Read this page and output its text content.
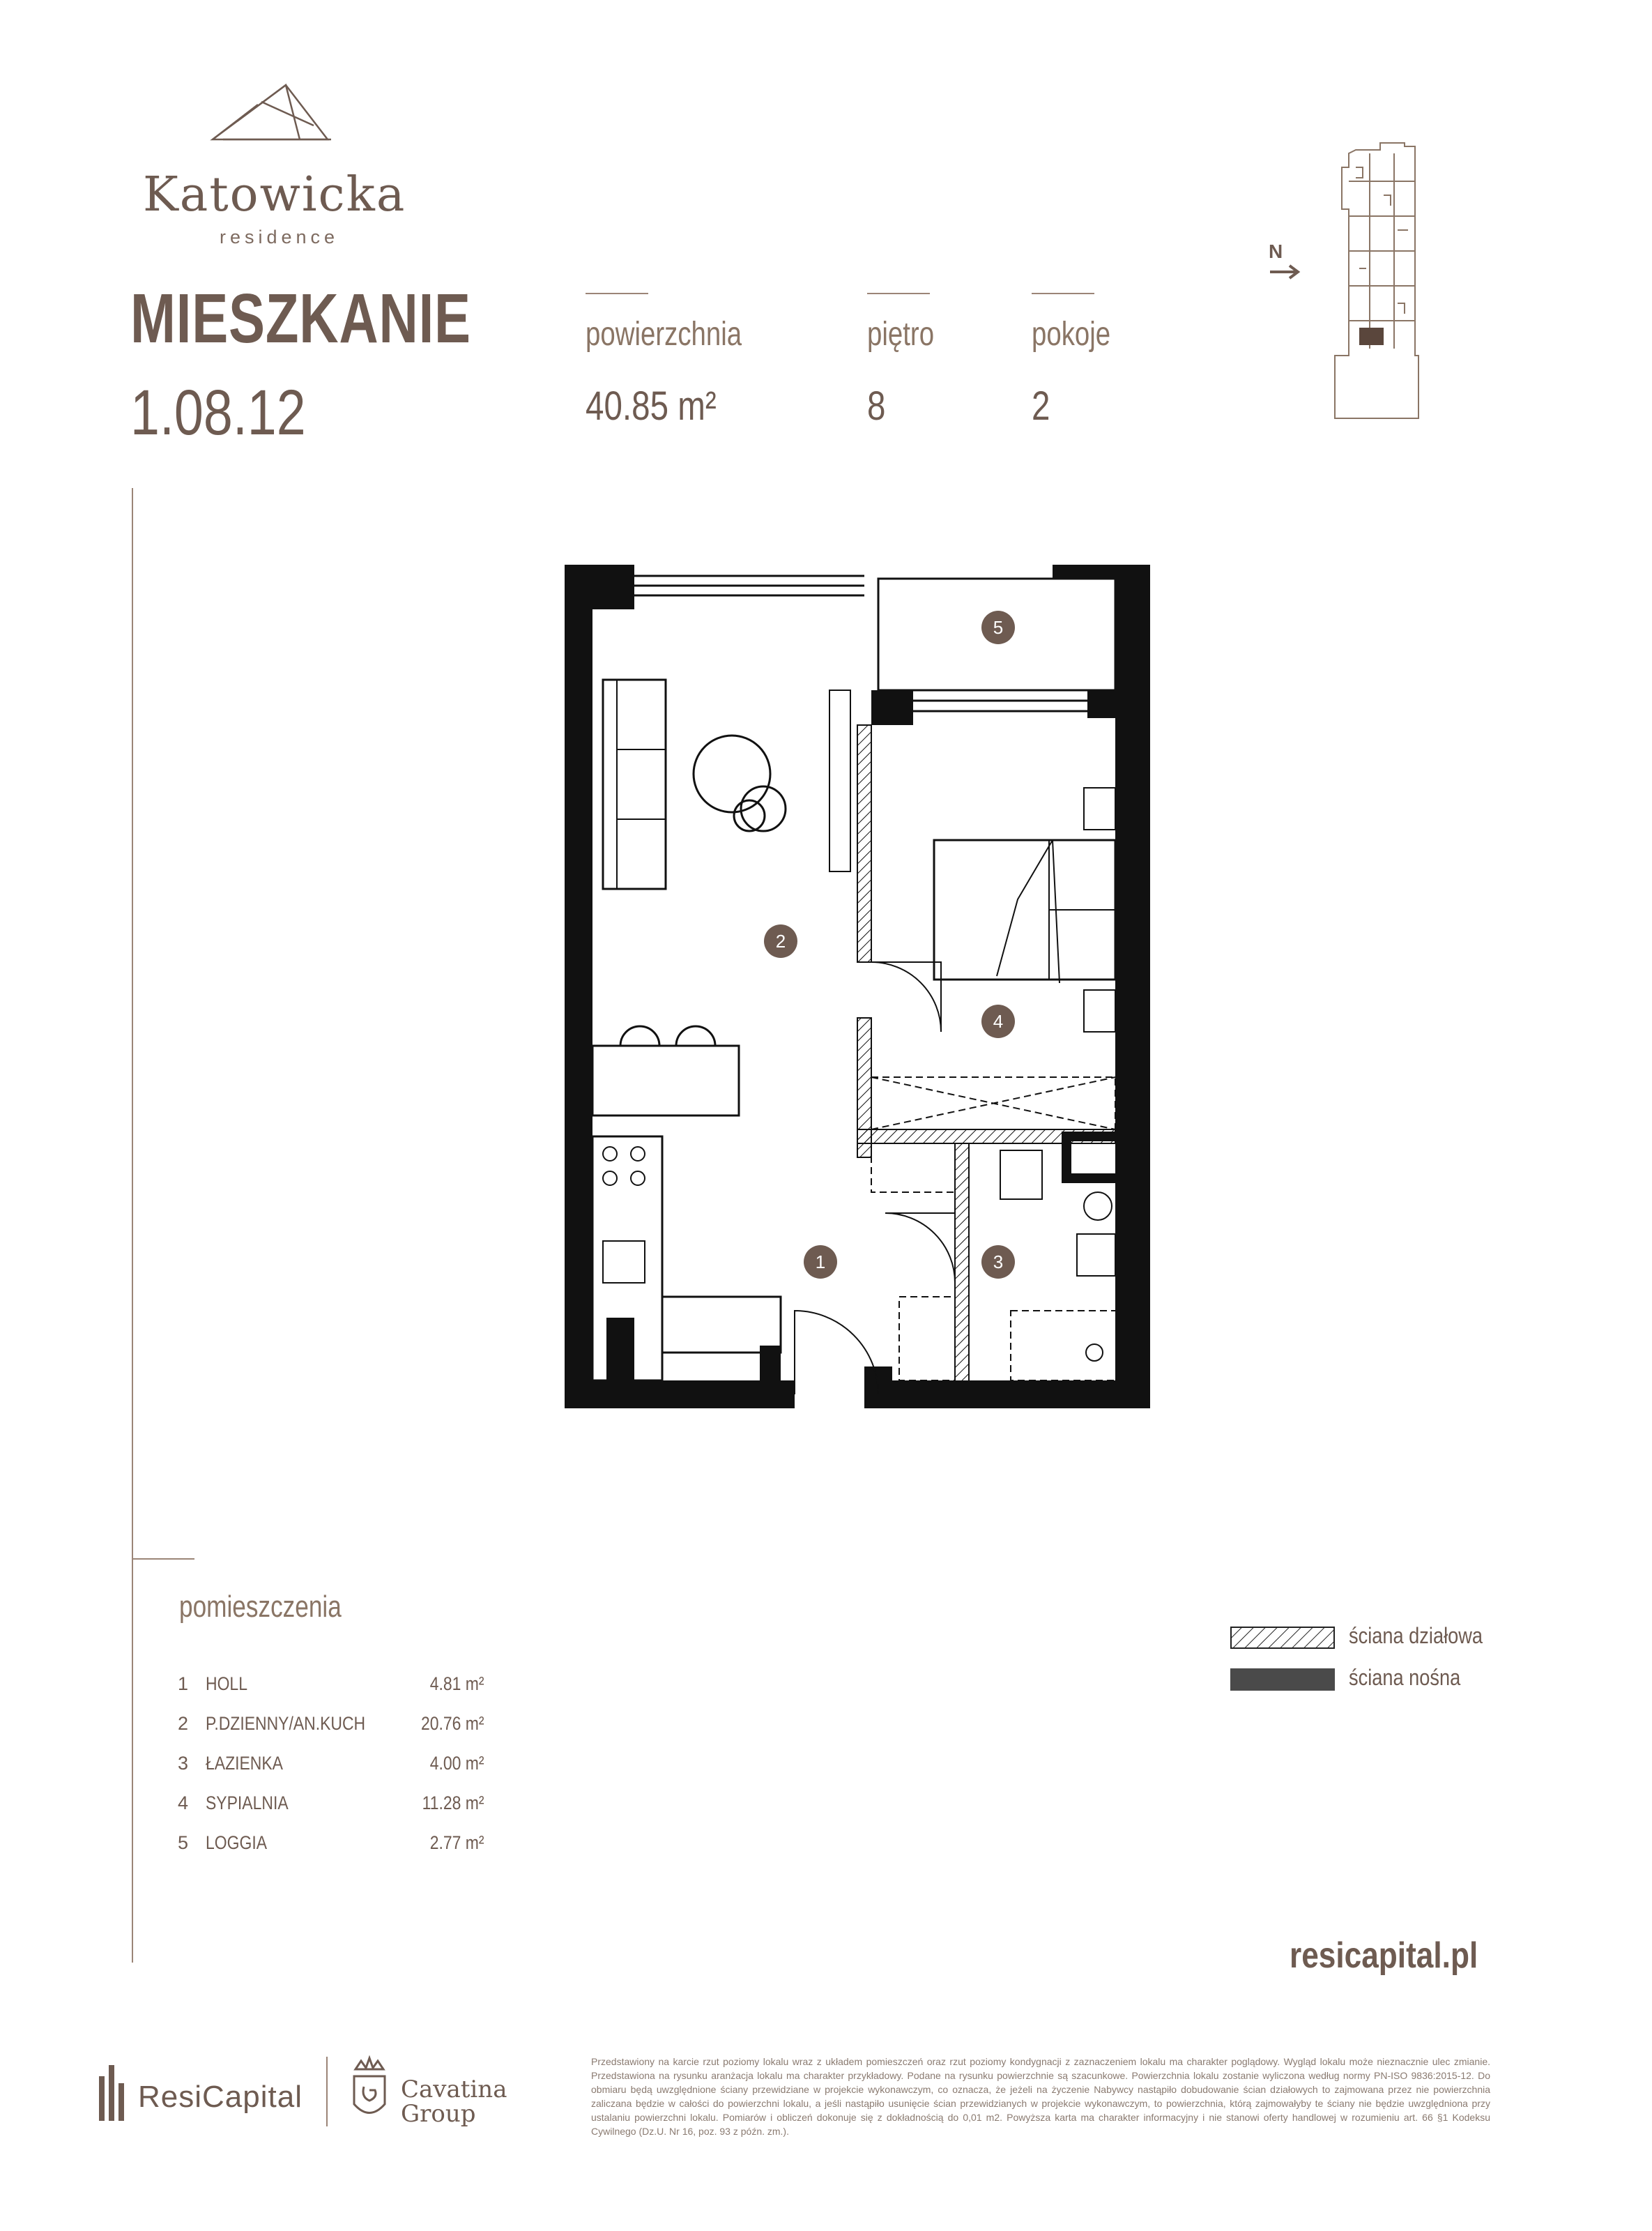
Katowicka
residence
MIESZKANIE
1.08.12
powierzchnia
40.85 m²
piętro
8
pokoje
2
N
5
2
4
1	3
pomieszczenia
1 HOLL	4.81 m²
2 P.DZIENNY/AN.KUCH	20.76 m²
3 ŁAZIENKA	4.00 m²
4 SYPIALNIA	11.28 m²
5 LOGGIA	2.77 m²
ściana działowa
ściana nośna
resicapital.pl
ResiCapital	Cavatina
Group
Przedstawiony na karcie rzut poziomy lokalu wraz z układem pomieszczeń oraz rzut poziomy kondygnacji z zaznaczeniem lokalu ma charakter poglądowy. Wygląd lokalu może nieznacznie ulec zmianie. Przedstawiona na rysunku aranżacja lokalu ma charakter przykładowy. Podane na rysunku powierzchnie są szacunkowe. Powierzchnia lokalu zostanie wyliczona według normy PN-ISO 9836:2015-12. Do obmiaru będą uwzględnione ściany przewidziane w projekcie wykonawczym, co oznacza, że jeżeli na życzenie Nabywcy nastąpiło dobudowanie ścian działowych to zajmowana przez nie powierzchnia zaliczana będzie w całości do powierzchni lokalu, a jeśli nastąpiło usunięcie ścian przewidzianych w projekcie wykonawczym, to powierzchnia, którą zajmowałyby te ściany nie będzie uwzględniona przy ustalaniu powierzchni lokalu. Pomiarów i obliczeń dokonuje się z dokładnością do 0,01 m2. Powyższa karta ma charakter informacyjny i nie stanowi oferty handlowej w rozumieniu art. 66 §1 Kodeksu Cywilnego (Dz.U. Nr 16, poz. 93 z późn. zm.).
